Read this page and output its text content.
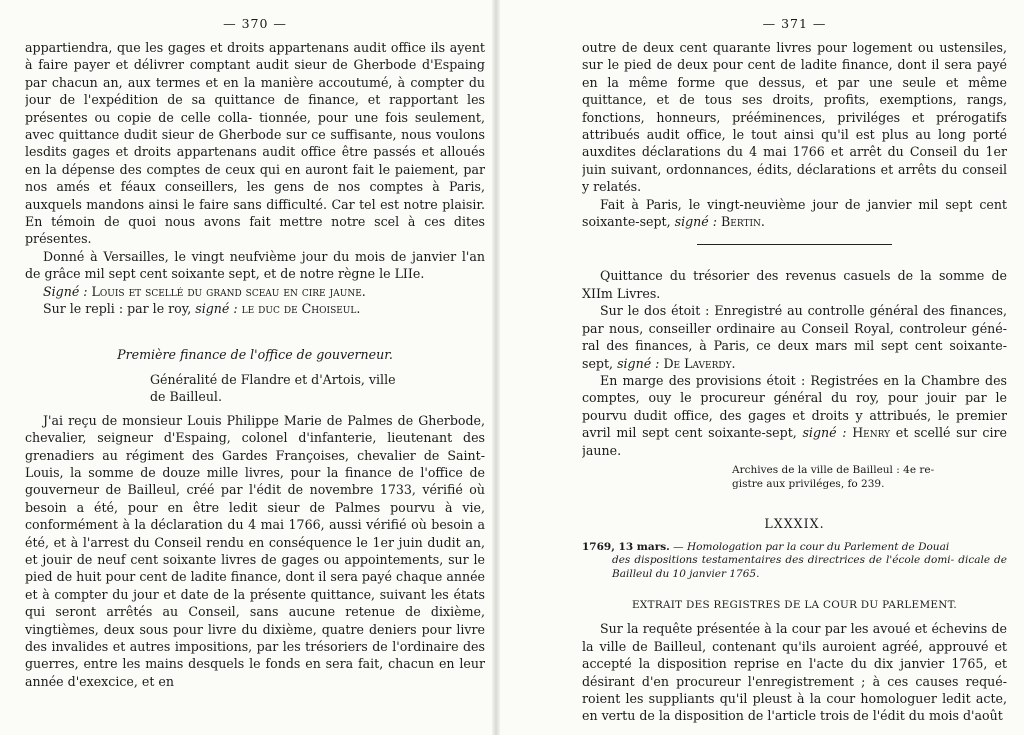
— 370 —

appartiendra, que les gages et droits appartenans audit office ils ayent à faire payer et délivrer comptant audit sieur de Gherbode d'Espaing par chacun an, aux termes et en la manière accoutumé, à compter du jour de l'expédition de sa quittance de finance, et rapportant les présentes ou copie de celle colla- tionnée, pour une fois seulement, avec quittance dudit sieur de Gherbode sur ce suffisante, nous voulons lesdits gages et droits appartenans audit office être passés et alloués en la dépense des comptes de ceux qui en auront fait le paiement, par nos amés et féaux conseillers, les gens de nos comptes à Paris, auxquels mandons ainsi le faire sans difficulté. Car tel est notre plaisir. En témoin de quoi nous avons fait mettre notre scel à ces dites présentes.

Donné à Versailles, le vingt neufvième jour du mois de janvier l'an de grâce mil sept cent soixante sept, et de notre règne le LIIe.

Signé : Louis et scellé du grand sceau en cire jaune.

Sur le repli : par le roy, signé : le duc de Choiseul.

Première finance de l'office de gouverneur.

Généralité de Flandre et d'Artois, ville
de Bailleul.

J'ai reçu de monsieur Louis Philippe Marie de Palmes de Gherbode, chevalier, seigneur d'Espaing, colonel d'infanterie, lieutenant des grenadiers au régiment des Gardes Françoises, chevalier de Saint-Louis, la somme de douze mille livres, pour la finance de l'office de gouverneur de Bailleul, créé par l'édit de novembre 1733, vérifié où besoin a été, pour en être ledit sieur de Palmes pourvu à vie, conformément à la déclaration du 4 mai 1766, aussi vérifié où besoin a été, et à l'arrest du Conseil rendu en conséquence le 1er juin dudit an, et jouir de neuf cent soixante livres de gages ou appointements, sur le pied de huit pour cent de ladite finance, dont il sera payé chaque année et à compter du jour et date de la présente quittance, suivant les états qui seront arrêtés au Conseil, sans aucune retenue de dixième, vingtièmes, deux sous pour livre du dixième, quatre deniers pour livre des invalides et autres impositions, par les trésoriers de l'ordinaire des guerres, entre les mains desquels le fonds en sera fait, chacun en leur année d'exexcice, et en

— 371 —

outre de deux cent quarante livres pour logement ou ustensiles, sur le pied de deux pour cent de ladite finance, dont il sera payé en la même forme que dessus, et par une seule et même quittance, et de tous ses droits, profits, exemptions, rangs, fonctions, honneurs, prééminences, priviléges et prérogatifs attribués audit office, le tout ainsi qu'il est plus au long porté auxdites déclarations du 4 mai 1766 et arrêt du Conseil du 1er juin suivant, ordonnances, édits, déclarations et arrêts du conseil y relatés.

Fait à Paris, le vingt-neuvième jour de janvier mil sept cent soixante-sept, signé : Bertin.

Quittance du trésorier des revenus casuels de la somme de XIIm Livres.

Sur le dos étoit : Enregistré au controlle général des finances, par nous, conseiller ordinaire au Conseil Royal, controleur géné- ral des finances, à Paris, ce deux mars mil sept cent soixante- sept, signé : De Laverdy.

En marge des provisions étoit : Registrées en la Chambre des comptes, ouy le procureur général du roy, pour jouir par le pourvu dudit office, des gages et droits y attribués, le premier avril mil sept cent soixante-sept, signé : Henry et scellé sur cire jaune.

Archives de la ville de Bailleul : 4e re-
gistre aux priviléges, fo 239.
LXXXIX.
1769, 13 mars. — Homologation par la cour du Parlement de Douai
des dispositions testamentaires des directrices de l'école domi- dicale de Bailleul du 10 janvier 1765.
EXTRAIT DES REGISTRES DE LA COUR DU PARLEMENT.

Sur la requête présentée à la cour par les avoué et échevins de la ville de Bailleul, contenant qu'ils auroient agréé, approuvé et accepté la disposition reprise en l'acte du dix janvier 1765, et désirant d'en procureur l'enregistrement ; à ces causes requé- roient les suppliants qu'il pleust à la cour homologuer ledit acte, en vertu de la disposition de l'article trois de l'édit du mois d'août
